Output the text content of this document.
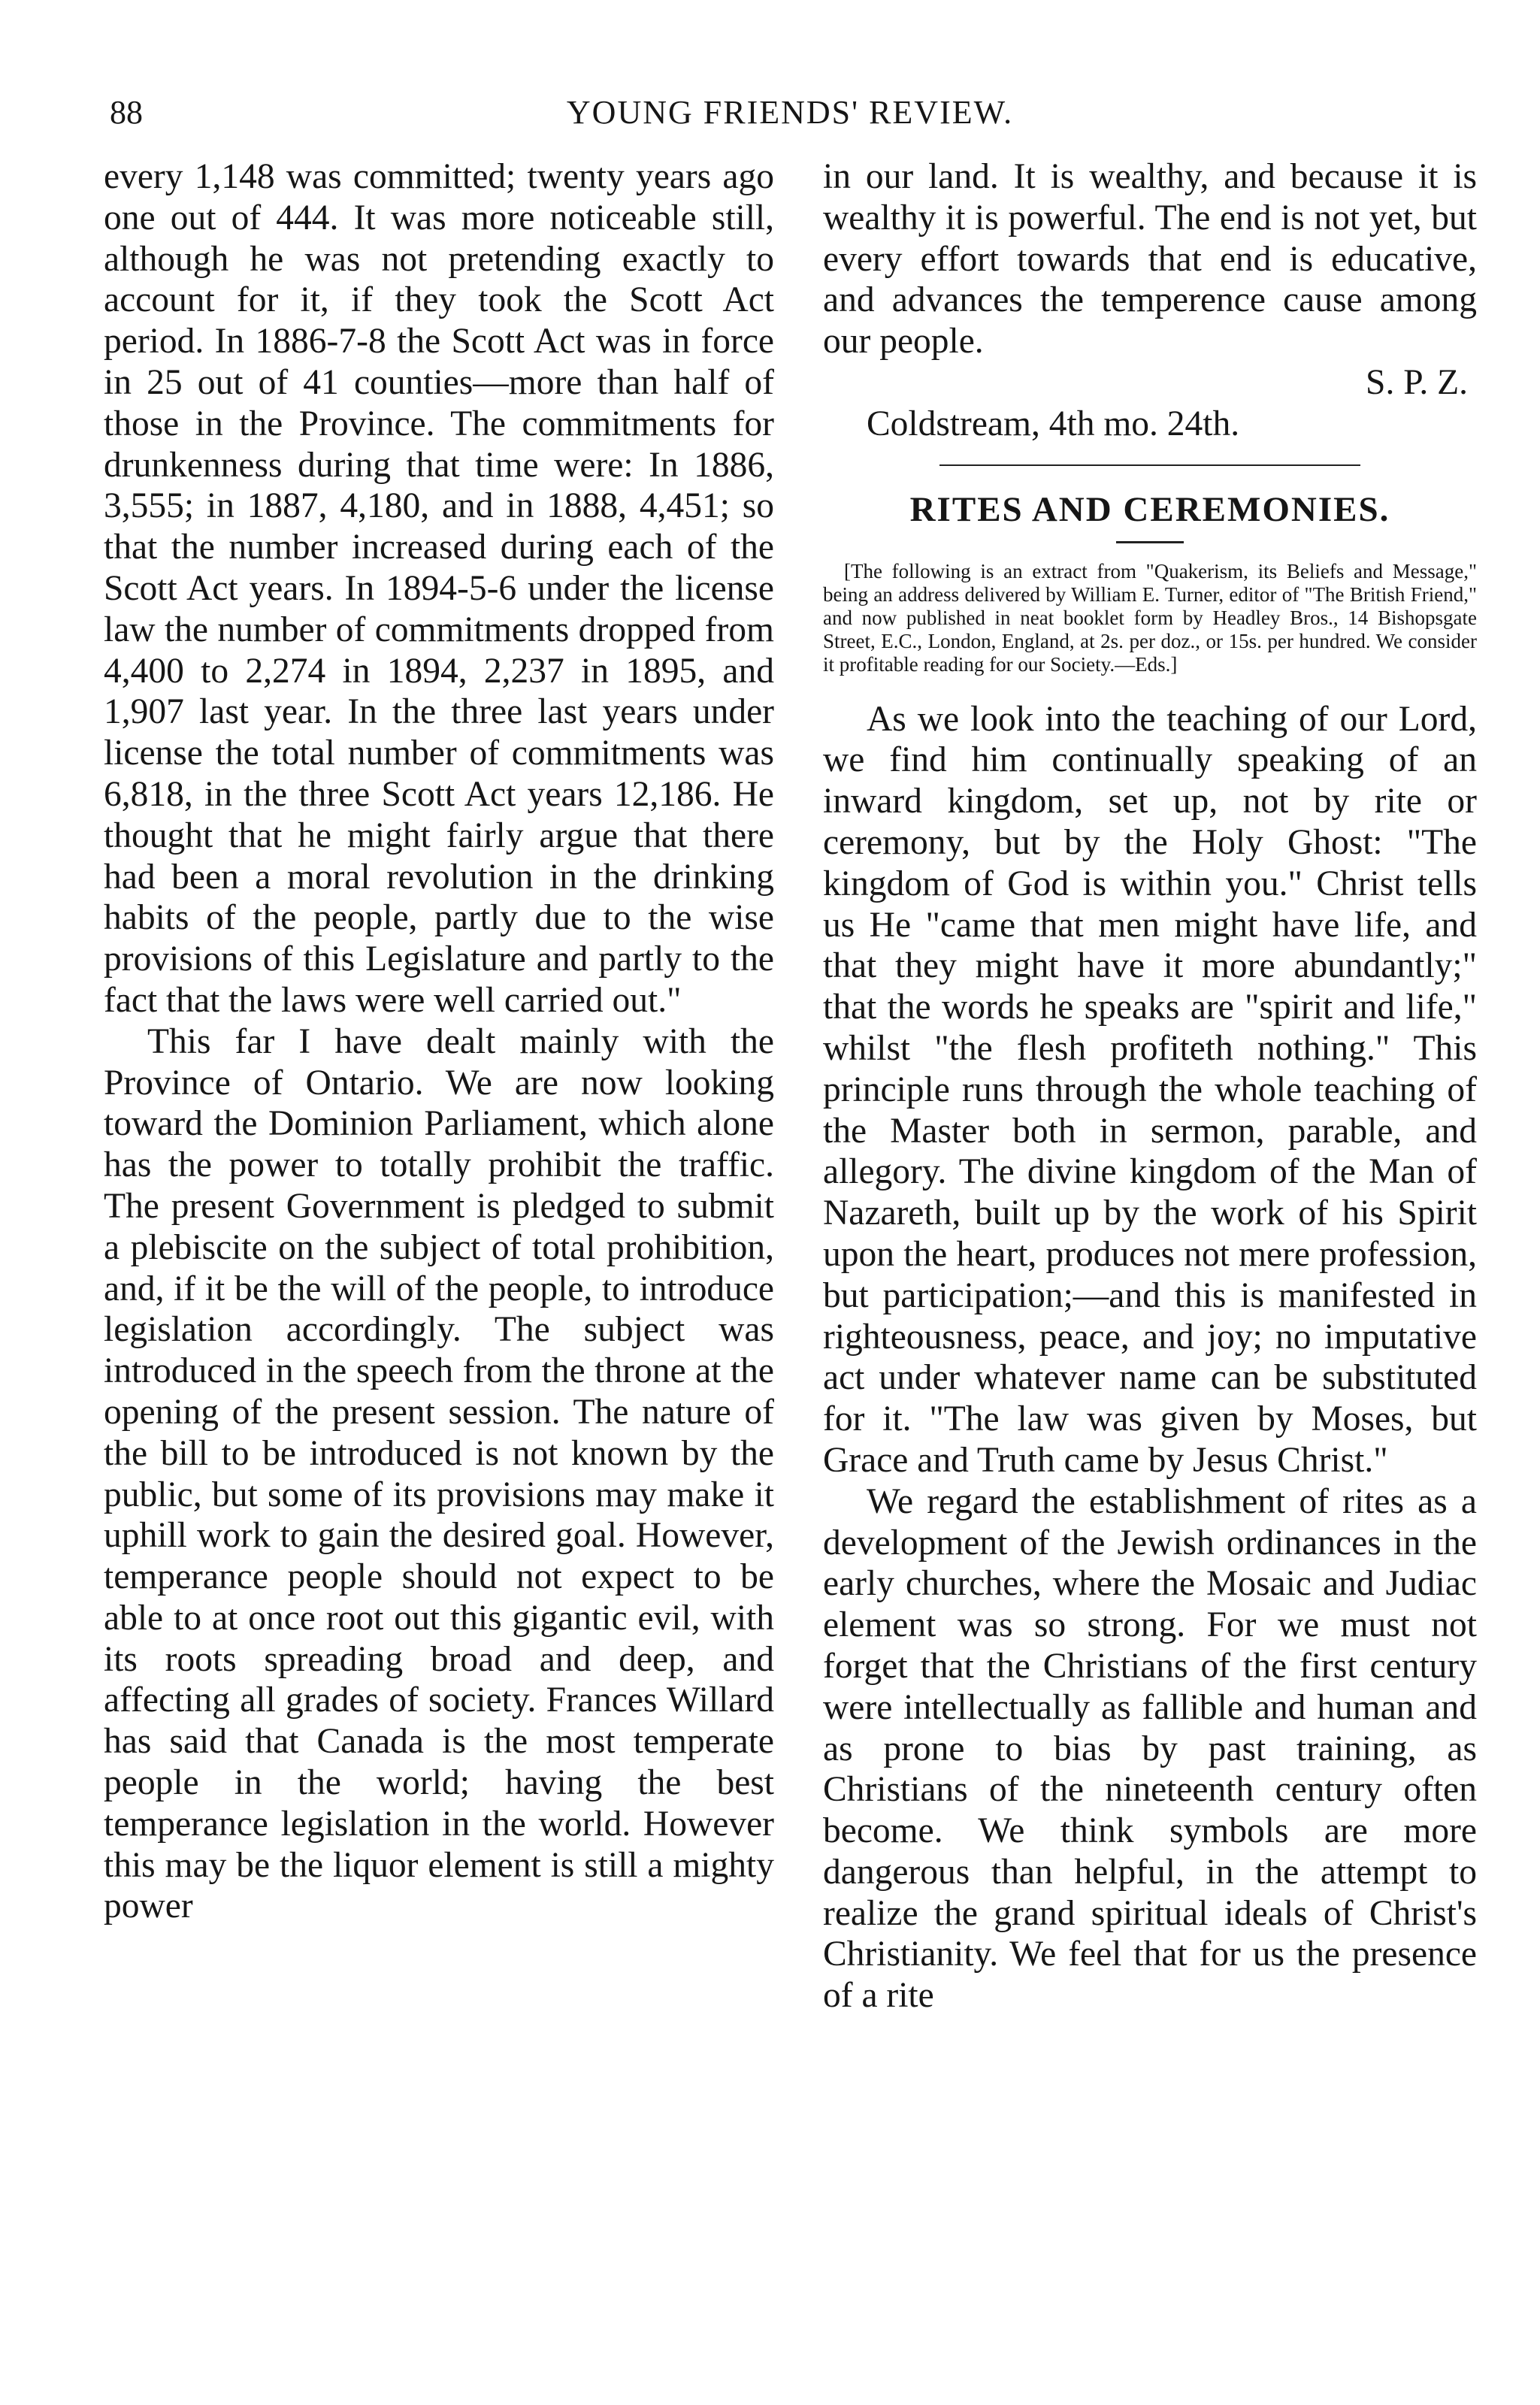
88	YOUNG FRIENDS' REVIEW.

every 1,148 was committed; twenty years ago one out of 444. It was more noticeable still, although he was not pretending exactly to account for it, if they took the Scott Act period. In 1886-7-8 the Scott Act was in force in 25 out of 41 counties—more than half of those in the Province. The commitments for drunkenness during that time were: In 1886, 3,555; in 1887, 4,180, and in 1888, 4,451; so that the number increased during each of the Scott Act years. In 1894-5-6 under the license law the number of commitments dropped from 4,400 to 2,274 in 1894, 2,237 in 1895, and 1,907 last year. In the three last years under license the total number of commitments was 6,818, in the three Scott Act years 12,186. He thought that he might fairly argue that there had been a moral revolution in the drinking habits of the people, partly due to the wise provisions of this Legislature and partly to the fact that the laws were well carried out."

This far I have dealt mainly with the Province of Ontario. We are now looking toward the Dominion Parliament, which alone has the power to totally prohibit the traffic. The present Government is pledged to submit a plebiscite on the subject of total prohibition, and, if it be the will of the people, to introduce legislation accordingly. The subject was introduced in the speech from the throne at the opening of the present session. The nature of the bill to be introduced is not known by the public, but some of its provisions may make it uphill work to gain the desired goal. However, temperance people should not expect to be able to at once root out this gigantic evil, with its roots spreading broad and deep, and affecting all grades of society. Frances Willard has said that Canada is the most temperate people in the world; having the best temperance legislation in the world. However this may be the liquor element is still a mighty power

in our land. It is wealthy, and because it is wealthy it is powerful. The end is not yet, but every effort towards that end is educative, and advances the temperence cause among our people.

S. P. Z.

Coldstream, 4th mo. 24th.

RITES AND CEREMONIES.

[The following is an extract from "Quakerism, its Beliefs and Message," being an address delivered by William E. Turner, editor of "The British Friend," and now published in neat booklet form by Headley Bros., 14 Bishopsgate Street, E.C., London, England, at 2s. per doz., or 15s. per hundred. We consider it profitable reading for our Society.—Eds.]

As we look into the teaching of our Lord, we find him continually speaking of an inward kingdom, set up, not by rite or ceremony, but by the Holy Ghost: "The kingdom of God is within you." Christ tells us He "came that men might have life, and that they might have it more abundantly;" that the words he speaks are "spirit and life," whilst "the flesh profiteth nothing." This principle runs through the whole teaching of the Master both in sermon, parable, and allegory. The divine kingdom of the Man of Nazareth, built up by the work of his Spirit upon the heart, produces not mere profession, but participation;—and this is manifested in righteousness, peace, and joy; no imputative act under whatever name can be substituted for it. "The law was given by Moses, but Grace and Truth came by Jesus Christ."

We regard the establishment of rites as a development of the Jewish ordinances in the early churches, where the Mosaic and Judiac element was so strong. For we must not forget that the Christians of the first century were intellectually as fallible and human and as prone to bias by past training, as Christians of the nineteenth century often become. We think symbols are more dangerous than helpful, in the attempt to realize the grand spiritual ideals of Christ's Christianity. We feel that for us the presence of a rite
